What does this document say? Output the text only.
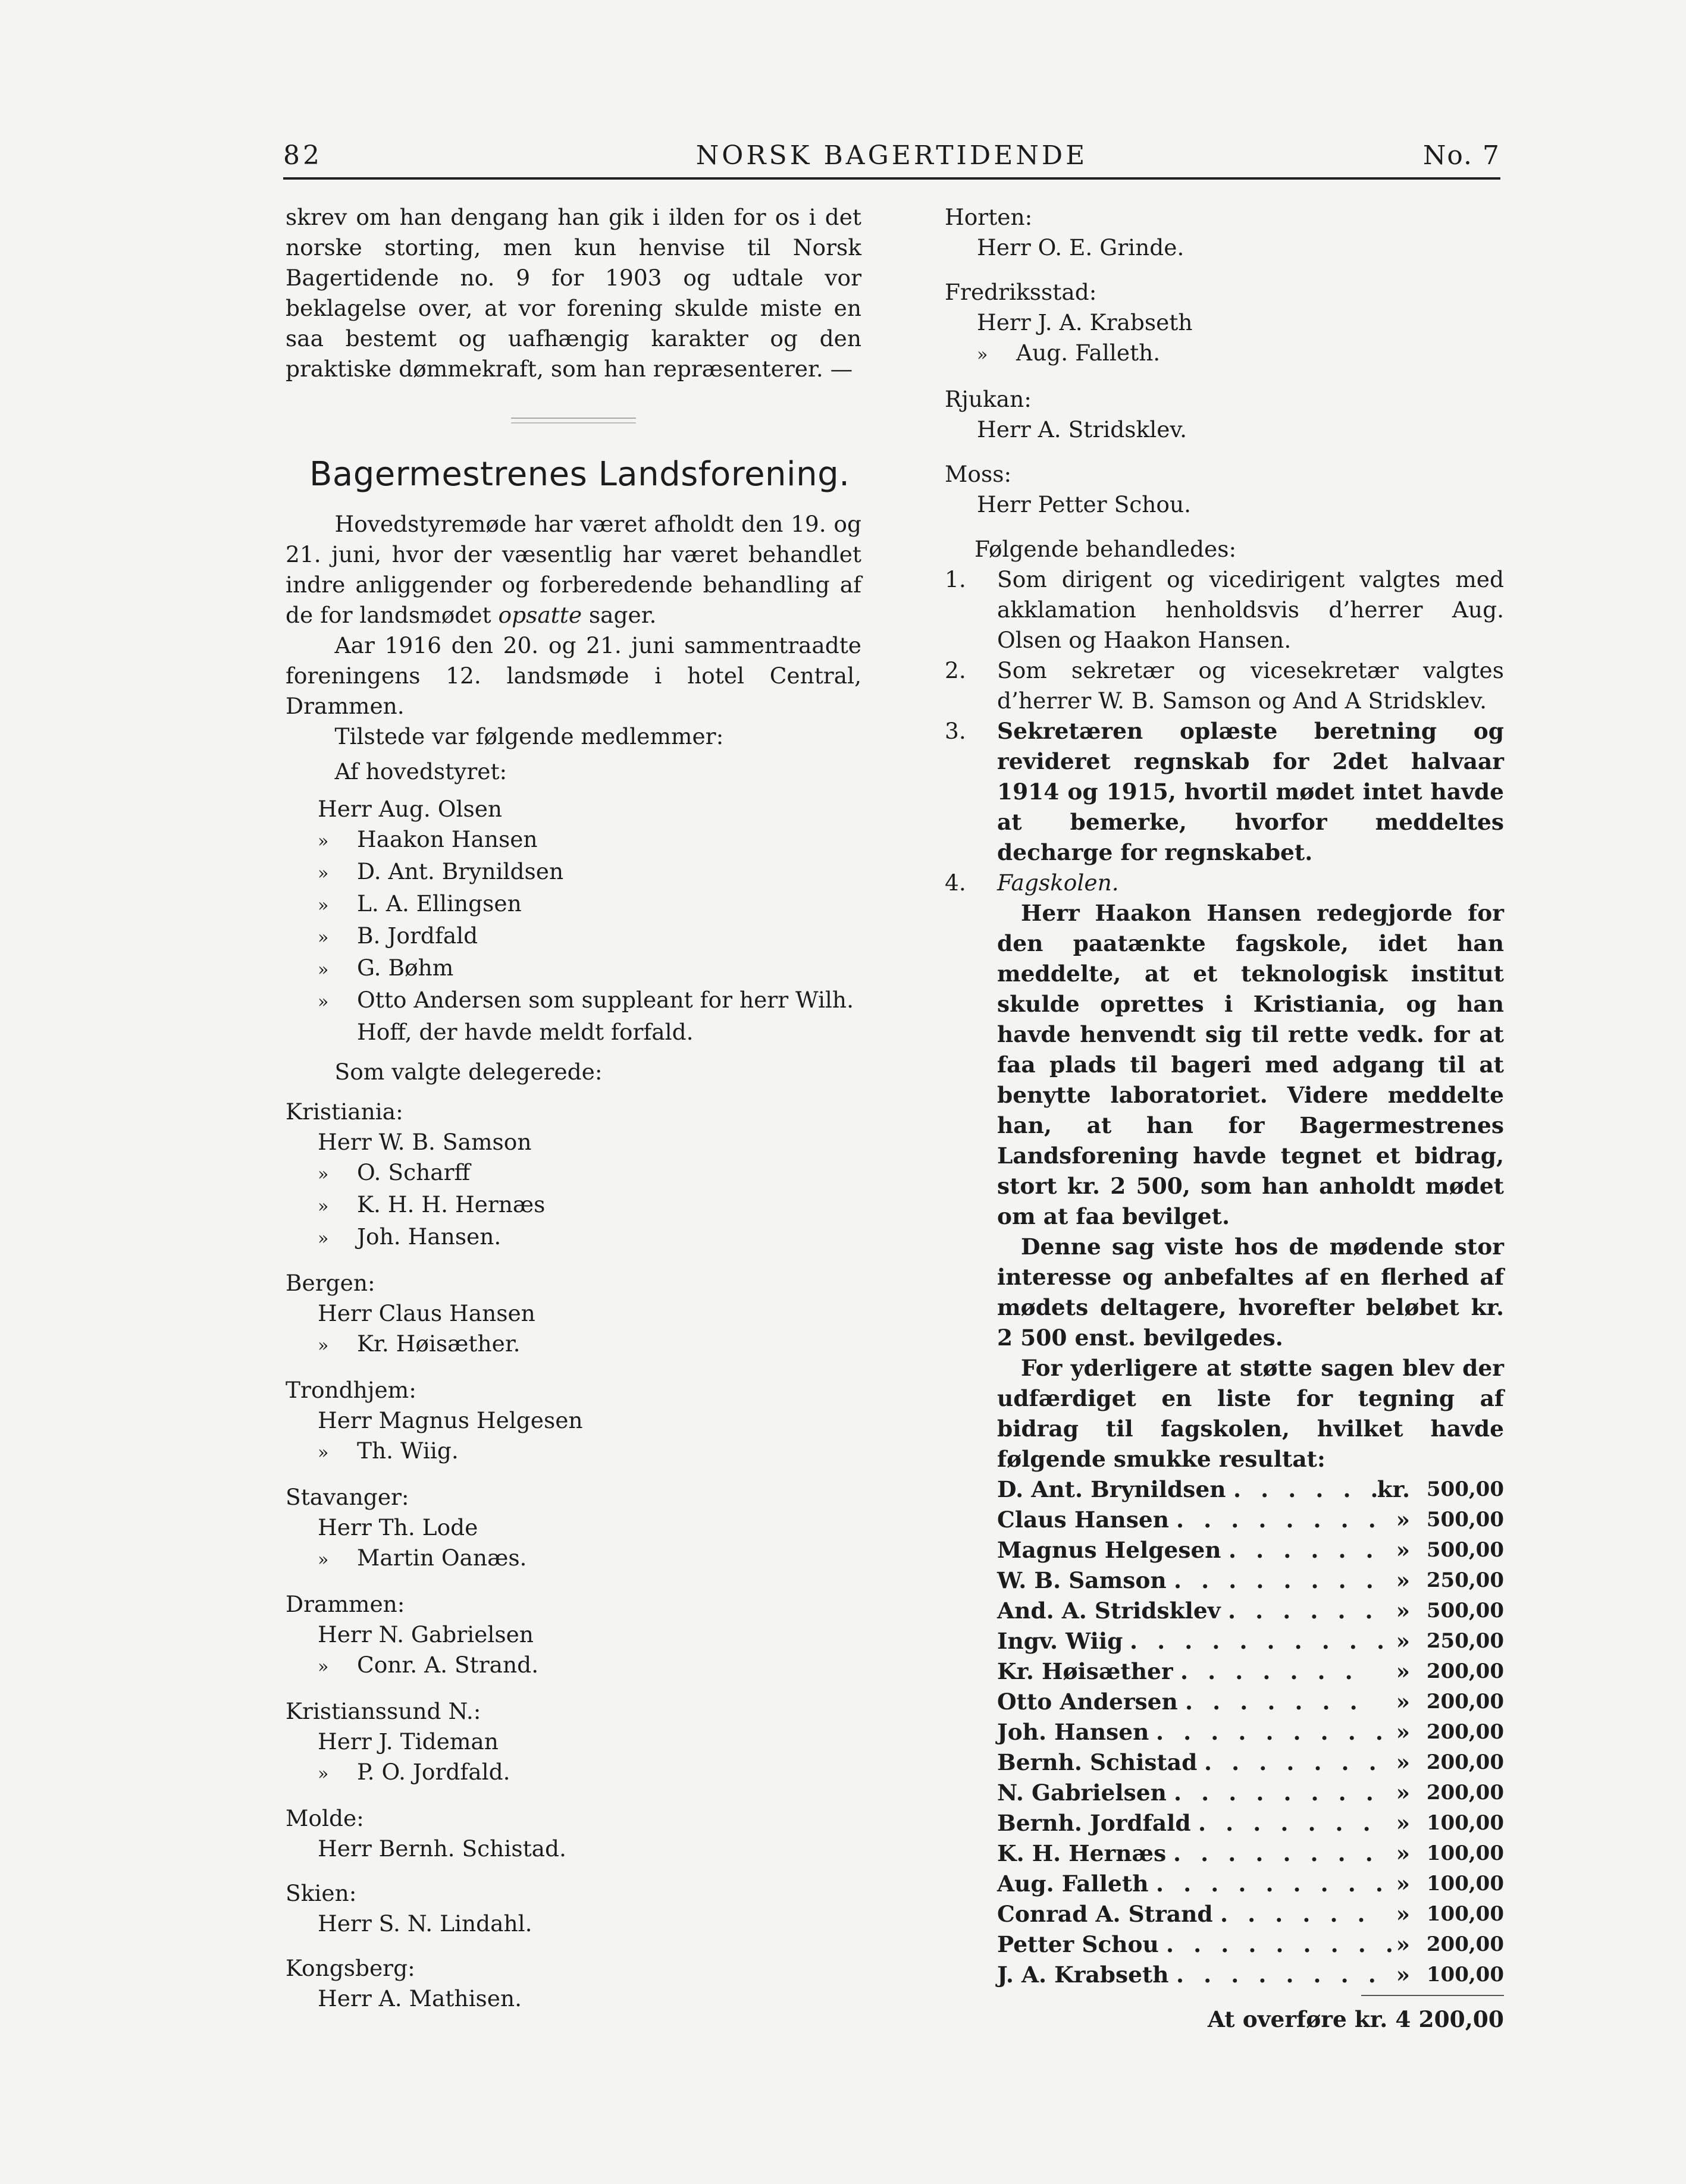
82	NORSK BAGERTIDENDE	No. 7

skrev om han dengang han gik i ilden for os i det norske storting, men kun henvise til Norsk Bagertidende no. 9 for 1903 og udtale vor beklagelse over, at vor forening skulde miste en saa bestemt og uafhængig karakter og den praktiske dømmekraft, som han repræsenterer. —

Bagermestrenes Landsforening.

Hovedstyremøde har været afholdt den 19. og 21. juni, hvor der væsentlig har været behandlet indre anliggender og forberedende behandling af de for landsmødet opsatte sager.

Aar 1916 den 20. og 21. juni sammentraadte foreningens 12. landsmøde i hotel Central, Drammen.

Tilstede var følgende medlemmer:

Af hovedstyret:

Herr Aug. Olsen

» Haakon Hansen

» D. Ant. Brynildsen

» L. A. Ellingsen

» B. Jordfald

» G. Bøhm

» Otto Andersen som suppleant for herr Wilh. Hoff, der havde meldt forfald.

Som valgte delegerede:

Kristiania:

Herr W. B. Samson

» O. Scharff

» K. H. H. Hernæs

» Joh. Hansen.

Bergen:

Herr Claus Hansen

» Kr. Høisæther.

Trondhjem:

Herr Magnus Helgesen

» Th. Wiig.

Stavanger:

Herr Th. Lode

» Martin Oanæs.

Drammen:

Herr N. Gabrielsen

» Conr. A. Strand.

Kristianssund N.:

Herr J. Tideman

» P. O. Jordfald.

Molde:

Herr Bernh. Schistad.

Skien:

Herr S. N. Lindahl.

Kongsberg:

Herr A. Mathisen.

Horten:

Herr O. E. Grinde.

Fredriksstad:

Herr J. A. Krabseth

» Aug. Falleth.

Rjukan:

Herr A. Stridsklev.

Moss:

Herr Petter Schou.

Følgende behandledes:

1. Som dirigent og vicedirigent valgtes med akklamation henholdsvis d’herrer Aug. Olsen og Haakon Hansen.
2. Som sekretær og vicesekretær valgtes d’herrer W. B. Samson og And A Stridsklev.
3. Sekretæren oplæste beretning og revideret regnskab for 2det halvaar 1914 og 1915, hvortil mødet intet havde at bemerke, hvorfor meddeltes decharge for regnskabet.
4. Fagskolen.

Herr Haakon Hansen redegjorde for den paatænkte fagskole, idet han meddelte, at et teknologisk institut skulde oprettes i Kristiania, og han havde henvendt sig til rette vedk. for at faa plads til bageri med adgang til at benytte laboratoriet. Videre meddelte han, at han for Bagermestrenes Landsforening havde tegnet et bidrag, stort kr. 2 500, som han anholdt mødet om at faa bevilget.

Denne sag viste hos de mødende stor interesse og anbefaltes af en flerhed af mødets deltagere, hvorefter beløbet kr. 2 500 enst. bevilgedes.

For yderligere at støtte sagen blev der udfærdiget en liste for tegning af bidrag til fagskolen, hvilket havde følgende smukke resultat:

D. Ant. Brynildsen . . . . . .
kr. 500,00
Claus Hansen . . . . . . . . » 500,00
Magnus Helgesen . . . . . . » 500,00
W. B. Samson . . . . . . . . » 250,00
And. A. Stridsklev . . . . . . » 500,00
Ingv. Wiig . . . . . . . . . . » 250,00
Kr. Høisæther . . . . . . . » 200,00
Otto Andersen . . . . . . . » 200,00
Joh. Hansen . . . . . . . . . » 200,00
Bernh. Schistad . . . . . . . » 200,00
N. Gabrielsen . . . . . . . . » 200,00
Bernh. Jordfald . . . . . . . » 100,00
K. H. Hernæs . . . . . . . . » 100,00
Aug. Falleth . . . . . . . . . » 100,00
Conrad A. Strand . . . . . . » 100,00
Petter Schou . . . . . . . . .
» 200,00
J. A. Krabseth . . . . . . . . » 100,00

At overføre kr. 4 200,00
